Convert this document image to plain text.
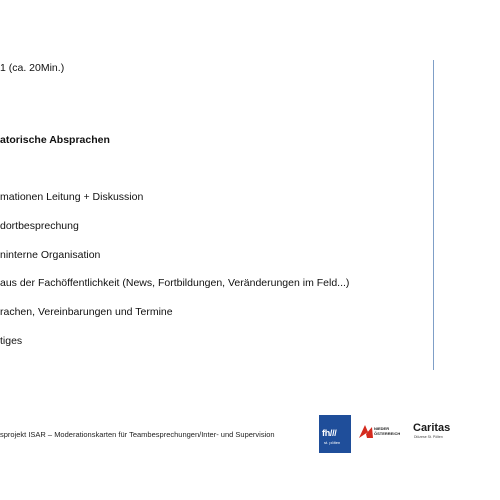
1 (ca. 20Min.)
atorische Absprachen
mationen Leitung + Diskussion
dortbesprechung
ninterne Organisation
aus der Fachöffentlichkeit (News, Fortbildungen, Veränderungen im Feld...)
rachen, Vereinbarungen und Termine
tiges
sprojekt ISAR – Moderationskarten für Teambesprechungen/Inter- und Supervision	fh///
st. pölten
NIEDER
ÖSTERREICH Caritas
Diözese St. Pölten
